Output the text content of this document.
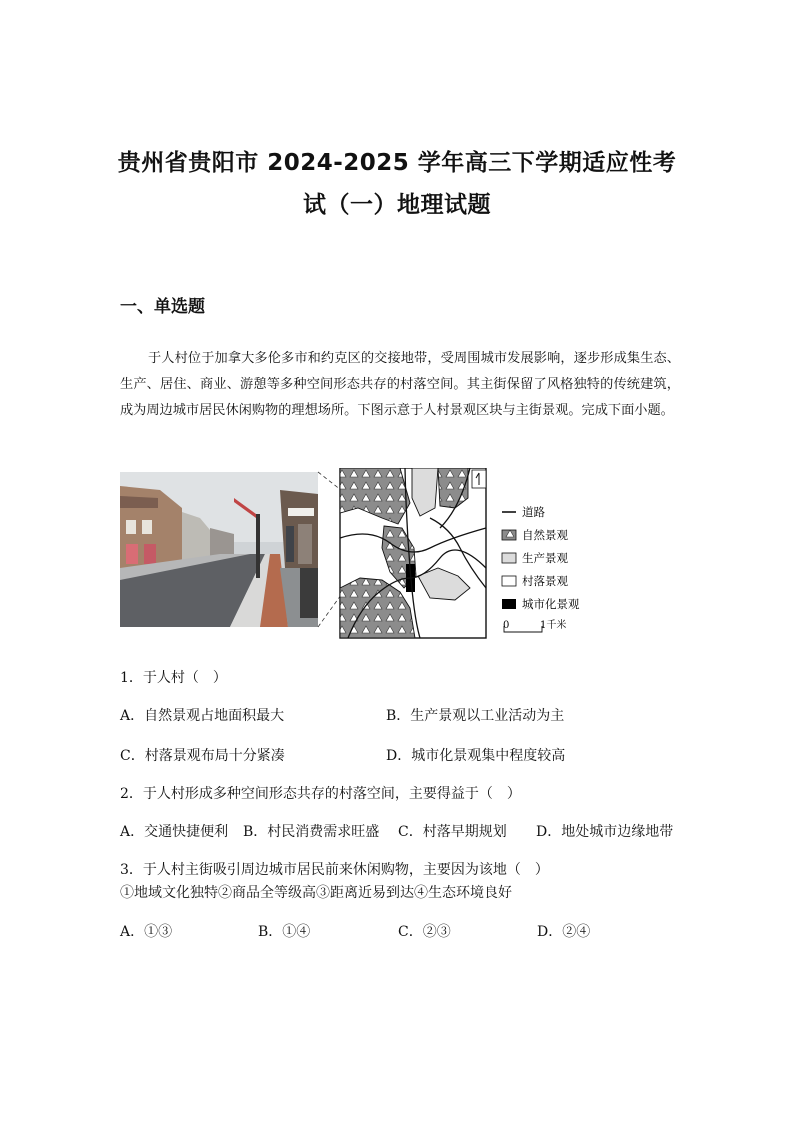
贵州省贵阳市 2024-2025 学年高三下学期适应性考
试（一）地理试题
一、单选题
于人村位于加拿大多伦多市和约克区的交接地带，受周围城市发展影响，逐步形成集生态、生产、居住、商业、游憩等多种空间形态共存的村落空间。其主街保留了风格独特的传统建筑，成为周边城市居民休闲购物的理想场所。下图示意于人村景观区块与主街景观。完成下面小题。
道路
自然景观
生产景观
村落景观
城市化景观
0	1千米
1．于人村（　）
A．自然景观占地面积最大	B．生产景观以工业活动为主
C．村落景观布局十分紧凑	D．城市化景观集中程度较高
2．于人村形成多种空间形态共存的村落空间，主要得益于（　）
A．交通快捷便利 B．村民消费需求旺盛 C．村落早期规划 D．地处城市边缘地带
3．于人村主街吸引周边城市居民前来休闲购物，主要因为该地（　）
①地域文化独特②商品全等级高③距离近易到达④生态环境良好
A．①③	B．①④	C．②③	D．②④
